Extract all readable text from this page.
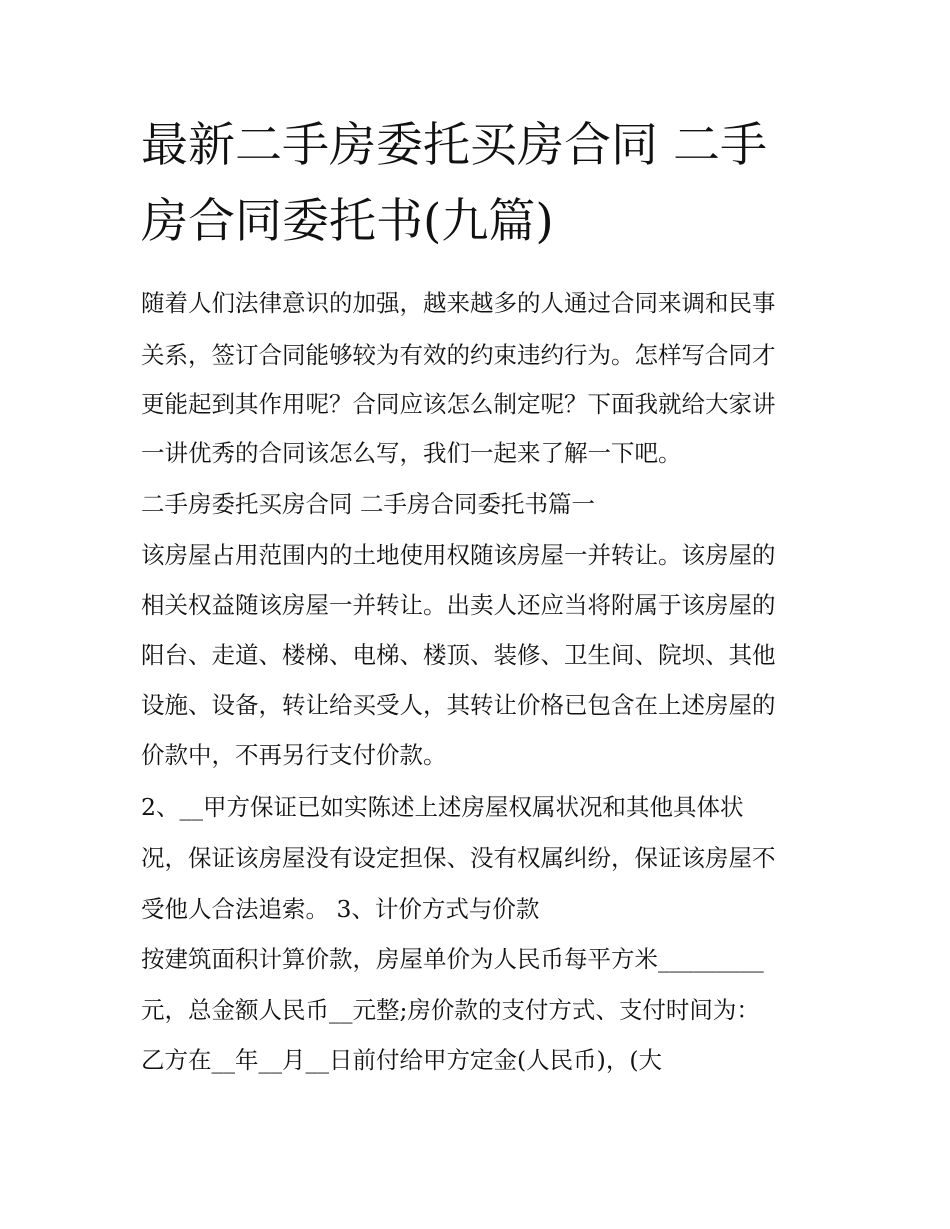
最新二手房委托买房合同 二手
房合同委托书(九篇)
随着人们法律意识的加强，越来越多的人通过合同来调和民事
关系，签订合同能够较为有效的约束违约行为。怎样写合同才
更能起到其作用呢？合同应该怎么制定呢？下面我就给大家讲
一讲优秀的合同该怎么写，我们一起来了解一下吧。
二手房委托买房合同 二手房合同委托书篇一
该房屋占用范围内的土地使用权随该房屋一并转让。该房屋的
相关权益随该房屋一并转让。出卖人还应当将附属于该房屋的
阳台、走道、楼梯、电梯、楼顶、装修、卫生间、院坝、其他
设施、设备，转让给买受人，其转让价格已包含在上述房屋的
价款中，不再另行支付价款。
2、__甲方保证已如实陈述上述房屋权属状况和其他具体状
况，保证该房屋没有设定担保、没有权属纠纷，保证该房屋不
受他人合法追索。 3、计价方式与价款
按建筑面积计算价款，房屋单价为人民币每平方米_________
元，总金额人民币__元整;房价款的支付方式、支付时间为：
乙方在__年__月__日前付给甲方定金(人民币)，(大
